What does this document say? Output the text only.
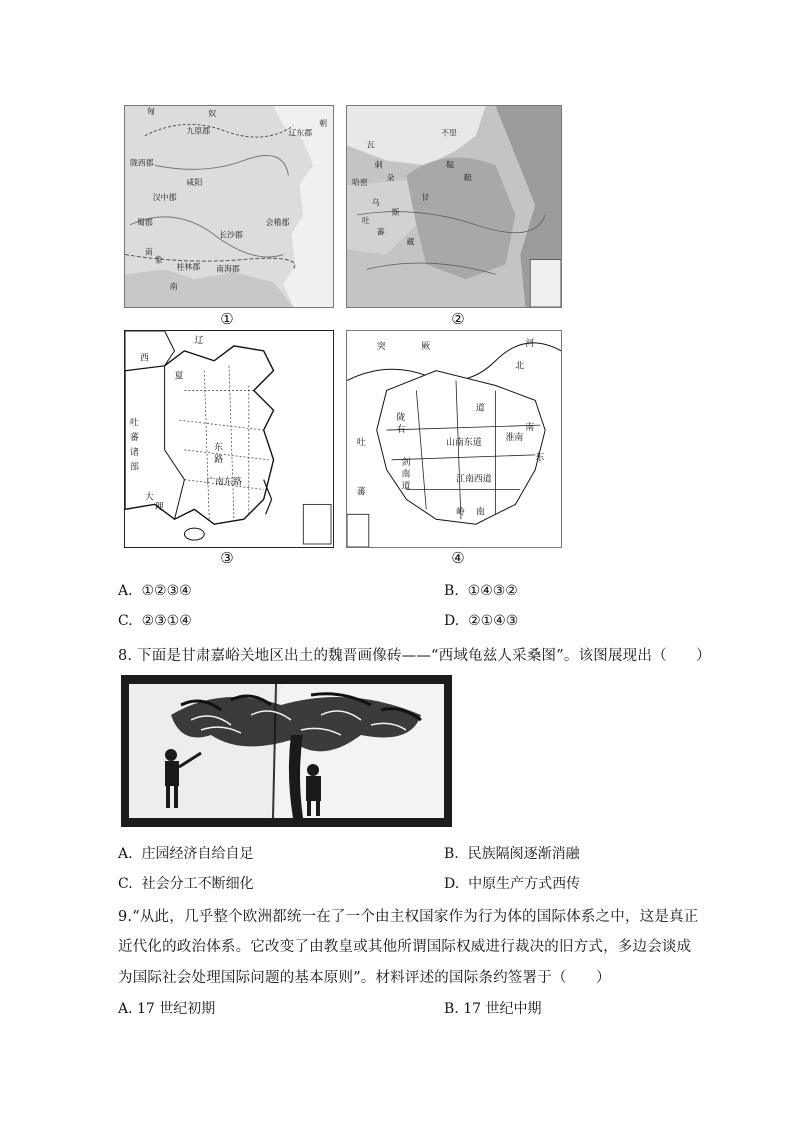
匈	奴
九原郡	辽东郡
朝
陇西郡
咸阳
汉中郡
蜀郡	会稽郡
长沙郡
南
象
桂林郡 南海郡
南
①
瓦
刺	鞑
靼
不里
哈密
吐
蕃
乌
斯
藏
朵
甘
②
辽
西
夏
吐
蕃
诸
部
大
理
东
路
广南东路
③
突	厥
北
河
陇
右
吐
蕃
南
东
道
山南东道
江南西道
剑
南
道
淮南
岭 南
④
A. ①②③④	B. ①④③②
C. ②③①④	D. ②①④③
8. 下面是甘肃嘉峪关地区出土的魏晋画像砖——“西域龟兹人采桑图”。该图展现出（　　）
A. 庄园经济自给自足	B. 民族隔阂逐渐消融
C. 社会分工不断细化	D. 中原生产方式西传
9.“从此，几乎整个欧洲都统一在了一个由主权国家作为行为体的国际体系之中，这是真正
近代化的政治体系。它改变了由教皇或其他所谓国际权威进行裁决的旧方式，多边会谈成
为国际社会处理国际问题的基本原则”。材料评述的国际条约签署于（　　）
A. 17 世纪初期	B. 17 世纪中期
